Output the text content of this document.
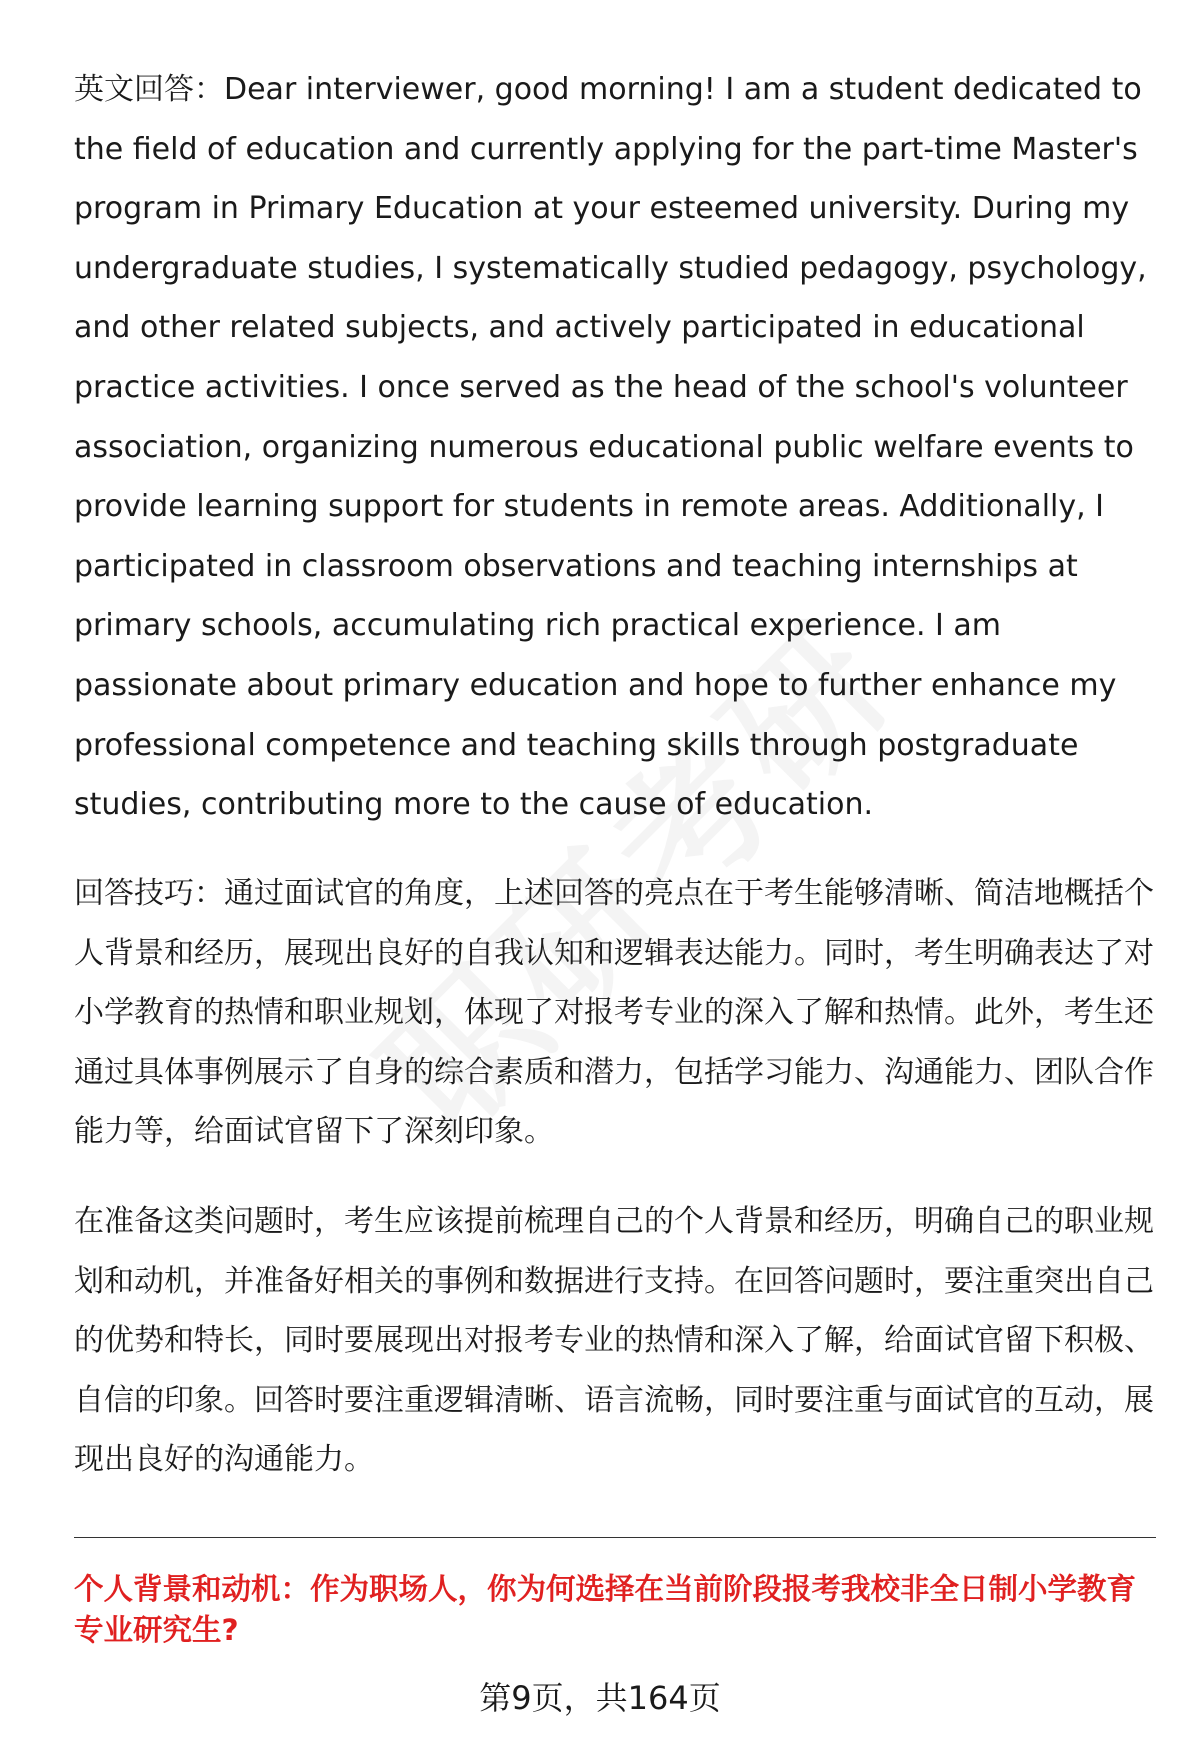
英文回答：Dear interviewer, good morning! I am a student dedicated to the field of education and currently applying for the part-time Master's program in Primary Education at your esteemed university. During my undergraduate studies, I systematically studied pedagogy, psychology, and other related subjects, and actively participated in educational practice activities. I once served as the head of the school's volunteer association, organizing numerous educational public welfare events to provide learning support for students in remote areas. Additionally, I participated in classroom observations and teaching internships at primary schools, accumulating rich practical experience. I am passionate about primary education and hope to further enhance my professional competence and teaching skills through postgraduate studies, contributing more to the cause of education.

回答技巧：通过面试官的角度，上述回答的亮点在于考生能够清晰、简洁地概括个人背景和经历，展现出良好的自我认知和逻辑表达能力。同时，考生明确表达了对小学教育的热情和职业规划，体现了对报考专业的深入了解和热情。此外，考生还通过具体事例展示了自身的综合素质和潜力，包括学习能力、沟通能力、团队合作能力等，给面试官留下了深刻印象。

在准备这类问题时，考生应该提前梳理自己的个人背景和经历，明确自己的职业规划和动机，并准备好相关的事例和数据进行支持。在回答问题时，要注重突出自己的优势和特长，同时要展现出对报考专业的热情和深入了解，给面试官留下积极、自信的印象。回答时要注重逻辑清晰、语言流畅，同时要注重与面试官的互动，展现出良好的沟通能力。

个人背景和动机：作为职场人，你为何选择在当前阶段报考我校非全日制小学教育专业研究生?

第9页，共164页
